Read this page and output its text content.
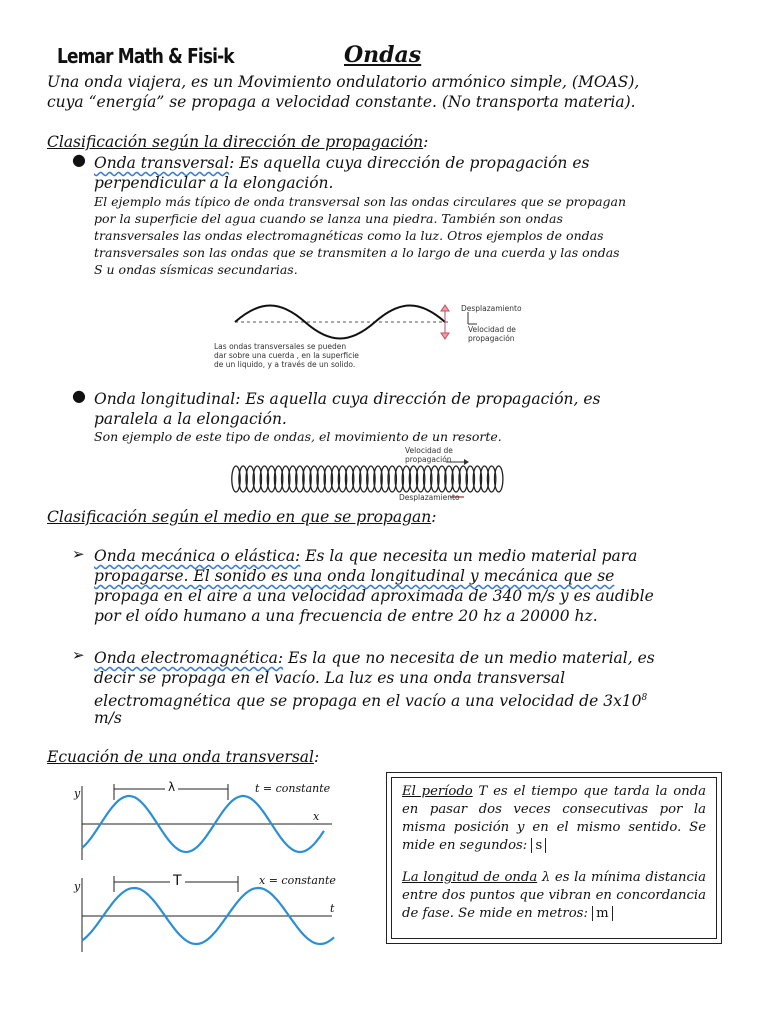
Lemar Math & Fisi-k	Ondas
Una onda viajera, es un Movimiento ondulatorio armónico simple, (MOAS),
cuya “energía” se propaga a velocidad constante. (No transporta materia).
Clasificación según la dirección de propagación:
● Onda transversal: Es aquella cuya dirección de propagación es
perpendicular a la elongación.
El ejemplo más típico de onda transversal son las ondas circulares que se propagan
por la superficie del agua cuando se lanza una piedra. También son ondas
transversales las ondas electromagnéticas como la luz. Otros ejemplos de ondas
transversales son las ondas que se transmiten a lo largo de una cuerda y las ondas
S u ondas sísmicas secundarias.
Desplazamiento
Velocidad de
propagación
Las ondas transversales se pueden
dar sobre una cuerda , en la superficie
de un liquido, y a través de un solido.
● Onda longitudinal: Es aquella cuya dirección de propagación, es
paralela a la elongación.
Son ejemplo de este tipo de ondas, el movimiento de un resorte.
Velocidad de
propagación
Desplazamiento
Clasificación según el medio en que se propagan:
➢ Onda mecánica o elástica: Es la que necesita un medio material para
propagarse. El sonido es una onda longitudinal y mecánica que se
propaga en el aire a una velocidad aproximada de 340 m/s y es audible
por el oído humano a una frecuencia de entre 20 hz a 20000 hz.
➢ Onda electromagnética: Es la que no necesita de un medio material, es
decir se propaga en el vacío. La luz es una onda transversal
electromagnética que se propaga en el vacío a una velocidad de $3x10^8$
m/s
Ecuación de una onda transversal:
y
x
λ	t = constante
y
t
T	x = constante
El período T es el tiempo que tarda la onda en pasar dos veces consecutivas por la misma posición y en el mismo sentido. Se mide en segundos: s
La longitud de onda λ es la mínima distancia entre dos puntos que vibran en concordancia de fase. Se mide en metros: m
